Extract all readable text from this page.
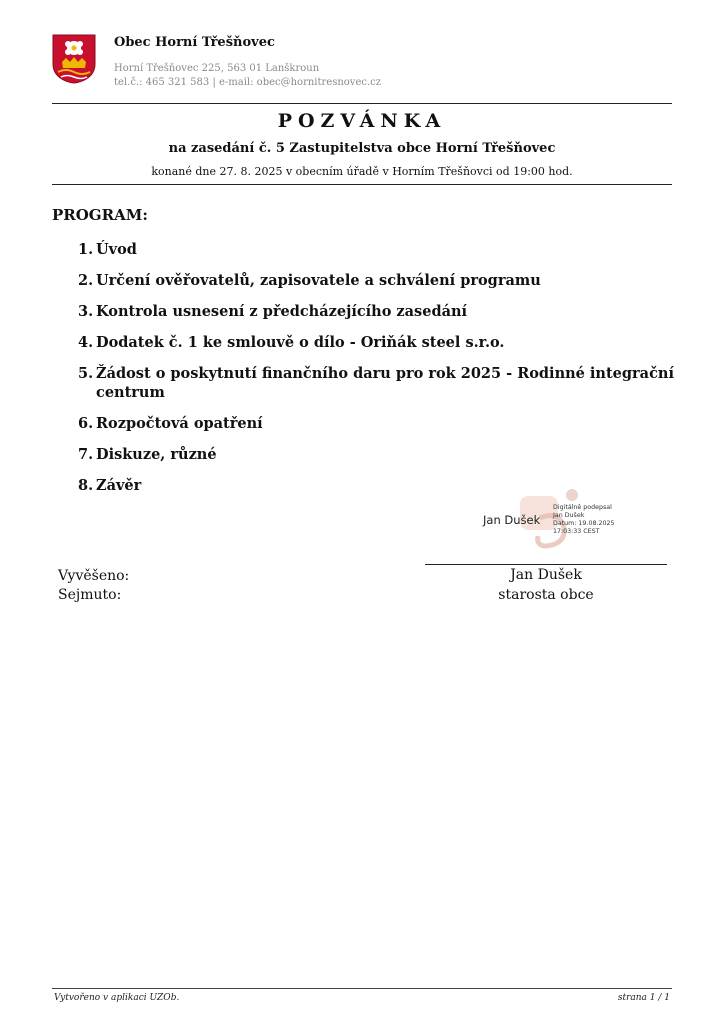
Obec Horní Třešňovec
Horní Třešňovec 225, 563 01 Lanškroun
tel.č.: 465 321 583 | e-mail: obec@hornitresnovec.cz
POZVÁNKA
na zasedání č. 5 Zastupitelstva obce Horní Třešňovec
konané dne 27. 8. 2025 v obecním úřadě v Horním Třešňovci od 19:00 hod.
PROGRAM:
1. Úvod
2. Určení ověřovatelů, zapisovatele a schválení programu
3. Kontrola usnesení z předcházejícího zasedání
4. Dodatek č. 1 ke smlouvě o dílo - Oriňák steel s.r.o.
5. Žádost o poskytnutí finančního daru pro rok 2025 - Rodinné integrační centrum
6. Rozpočtová opatření
7. Diskuze, různé
8. Závěr
Jan Dušek
Digitálně podepsal
Jan Dušek
Datum: 19.08.2025
17:03:33 CEST
Jan Dušek
starosta obce
Vyvěšeno:
Sejmuto:
Vytvořeno v aplikaci UZOb.	strana 1 / 1
